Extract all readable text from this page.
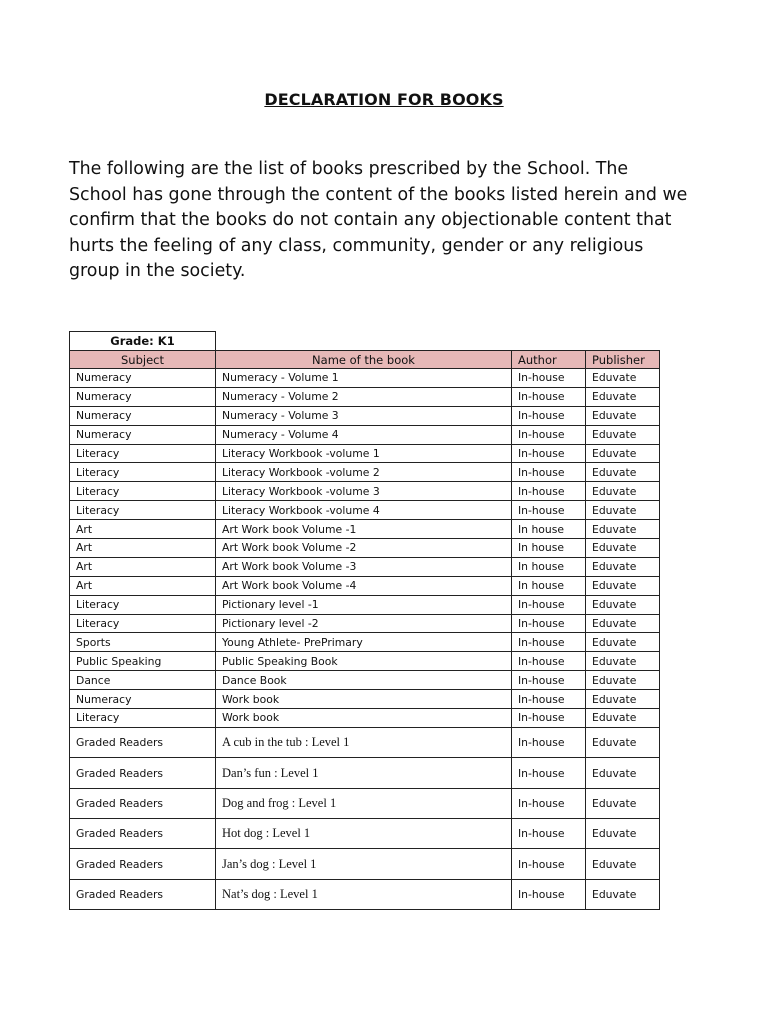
DECLARATION FOR BOOKS

The following are the list of books prescribed by the School. The School has gone through the content of the books listed herein and we confirm that the books do not contain any objectionable content that hurts the feeling of any class, community, gender or any religious group in the society.

Grade: K1			
Subject	Name of the book	Author	Publisher
Numeracy	Numeracy - Volume 1	In-house	Eduvate
Numeracy	Numeracy - Volume 2	In-house	Eduvate
Numeracy	Numeracy - Volume 3	In-house	Eduvate
Numeracy	Numeracy - Volume 4	In-house	Eduvate
Literacy	Literacy Workbook -volume 1	In-house	Eduvate
Literacy	Literacy Workbook -volume 2	In-house	Eduvate
Literacy	Literacy Workbook -volume 3	In-house	Eduvate
Literacy	Literacy Workbook -volume 4	In-house	Eduvate
Art	Art Work book Volume -1	In house	Eduvate
Art	Art Work book Volume -2	In house	Eduvate
Art	Art Work book Volume -3	In house	Eduvate
Art	Art Work book Volume -4	In house	Eduvate
Literacy	Pictionary level -1	In-house	Eduvate
Literacy	Pictionary level -2	In-house	Eduvate
Sports	Young Athlete- PrePrimary	In-house	Eduvate
Public Speaking	Public Speaking Book	In-house	Eduvate
Dance	Dance Book	In-house	Eduvate
Numeracy	Work book	In-house	Eduvate
Literacy	Work book	In-house	Eduvate
Graded Readers	A cub in the tub : Level 1	In-house	Eduvate
Graded Readers	Dan’s fun : Level 1	In-house	Eduvate
Graded Readers	Dog and frog : Level 1	In-house	Eduvate
Graded Readers	Hot dog : Level 1	In-house	Eduvate
Graded Readers	Jan’s dog : Level 1	In-house	Eduvate
Graded Readers	Nat’s dog : Level 1	In-house	Eduvate
